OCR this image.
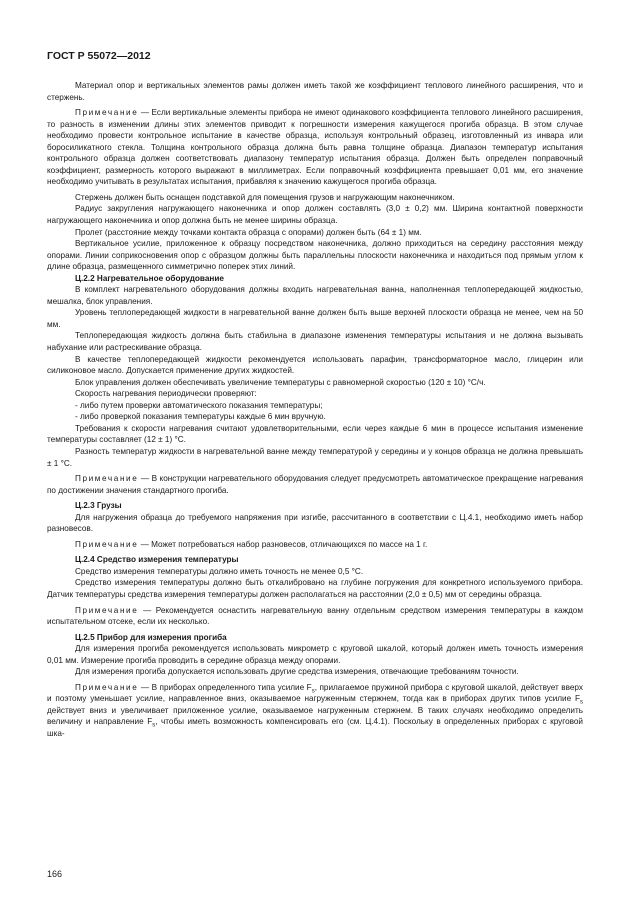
ГОСТ Р 55072—2012

Материал опор и вертикальных элементов рамы должен иметь такой же коэффициент теплового линейного расширения, что и стержень.

Примечание — Если вертикальные элементы прибора не имеют одинакового коэффициента теплового линейного расширения, то разность в изменении длины этих элементов приводит к погрешности измерения кажущегося прогиба образца. В этом случае необходимо провести контрольное испытание в качестве образца, используя контрольный образец, изготовленный из инвара или боросиликатного стекла. Толщина контрольного образца должна быть равна толщине образца. Диапазон температур испытания контрольного образца должен соответствовать диапазону температур испытания образца. Должен быть определен поправочный коэффициент, размерность которого выражают в миллиметрах. Если поправочный коэффициента превышает 0,01 мм, его значение необходимо учитывать в результатах испытания, прибавляя к значению кажущегося прогиба образца.

Стержень должен быть оснащен подставкой для помещения грузов и нагружающим наконечником.

Радиус закругления нагружающего наконечника и опор должен составлять (3,0 ± 0,2) мм. Ширина контактной поверхности нагружающего наконечника и опор должна быть не менее ширины образца.

Пролет (расстояние между точками контакта образца с опорами) должен быть (64 ± 1) мм.

Вертикальное усилие, приложенное к образцу посредством наконечника, должно приходиться на середину расстояния между опорами. Линии соприкосновения опор с образцом должны быть параллельны плоскости наконечника и находиться под прямым углом к длине образца, размещенного симметрично поперек этих линий.

Ц.2.2 Нагревательное оборудование

В комплект нагревательного оборудования должны входить нагревательная ванна, наполненная теплопередающей жидкостью, мешалка, блок управления.

Уровень теплопередающей жидкости в нагревательной ванне должен быть выше верхней плоскости образца не менее, чем на 50 мм.

Теплопередающая жидкость должна быть стабильна в диапазоне изменения температуры испытания и не должна вызывать набухание или растрескивание образца.

В качестве теплопередающей жидкости рекомендуется использовать парафин, трансформаторное масло, глицерин или силиконовое масло. Допускается применение других жидкостей.

Блок управления должен обеспечивать увеличение температуры с равномерной скоростью (120 ± 10) °С/ч.

Скорость нагревания периодически проверяют:

- либо путем проверки автоматического показания температуры;

- либо проверкой показания температуры каждые 6 мин вручную.

Требования к скорости нагревания считают удовлетворительными, если через каждые 6 мин в процессе испытания изменение температуры составляет (12 ± 1) °С.

Разность температур жидкости в нагревательной ванне между температурой у середины и у концов образца не должна превышать ± 1 °С.

Примечание — В конструкции нагревательного оборудования следует предусмотреть автоматическое прекращение нагревания по достижении значения стандартного прогиба.

Ц.2.3 Грузы

Для нагружения образца до требуемого напряжения при изгибе, рассчитанного в соответствии с Ц.4.1, необходимо иметь набор разновесов.

Примечание — Может потребоваться набор разновесов, отличающихся по массе на 1 г.

Ц.2.4 Средство измерения температуры

Средство измерения температуры должно иметь точность не менее 0,5 °С.

Средство измерения температуры должно быть откалибровано на глубине погружения для конкретного используемого прибора. Датчик температуры средства измерения температуры должен располагаться на расстоянии (2,0 ± 0,5) мм от середины образца.

Примечание — Рекомендуется оснастить нагревательную ванну отдельным средством измерения температуры в каждом испытательном отсеке, если их несколько.

Ц.2.5 Прибор для измерения прогиба

Для измерения прогиба рекомендуется использовать микрометр с круговой шкалой, который должен иметь точность измерения 0,01 мм. Измерение прогиба проводить в середине образца между опорами.

Для измерения прогиба допускается использовать другие средства измерения, отвечающие требованиям точности.

Примечание — В приборах определенного типа усилие $F_s$, прилагаемое пружиной прибора с круговой шкалой, действует вверх и поэтому уменьшает усилие, направленное вниз, оказываемое нагруженным стержнем, тогда как в приборах других типов усилие $F_s$ действует вниз и увеличивает приложенное усилие, оказываемое нагруженным стержнем. В таких случаях необходимо определить величину и направление $F_s$, чтобы иметь возможность компенсировать его (см. Ц.4.1). Поскольку в определенных приборах с круговой шка-

166
